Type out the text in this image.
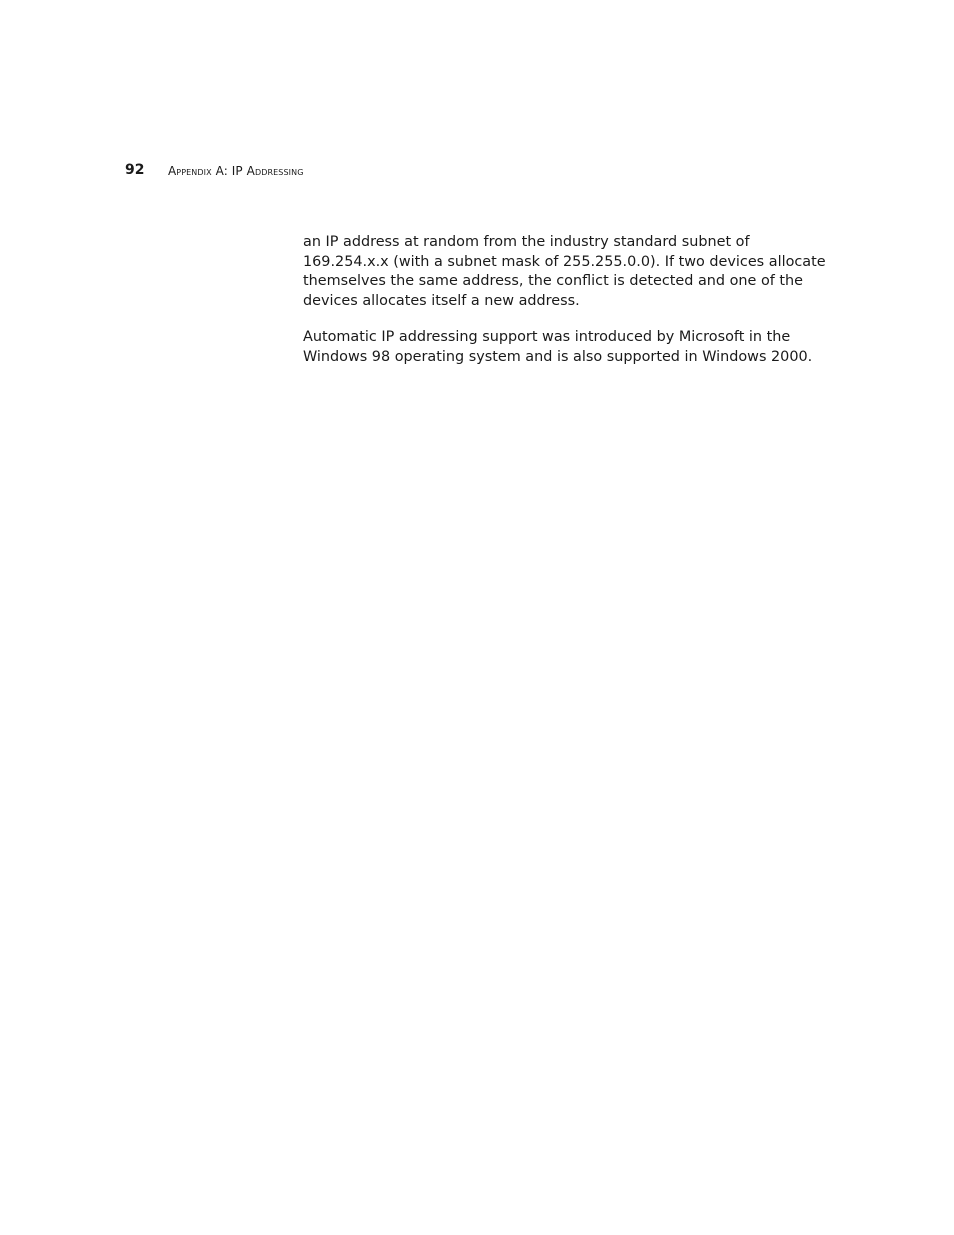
92 Appendix A: IP Addressing

an IP address at random from the industry standard subnet of
169.254.x.x (with a subnet mask of 255.255.0.0). If two devices allocate
themselves the same address, the conflict is detected and one of the
devices allocates itself a new address.

Automatic IP addressing support was introduced by Microsoft in the
Windows 98 operating system and is also supported in Windows 2000.
